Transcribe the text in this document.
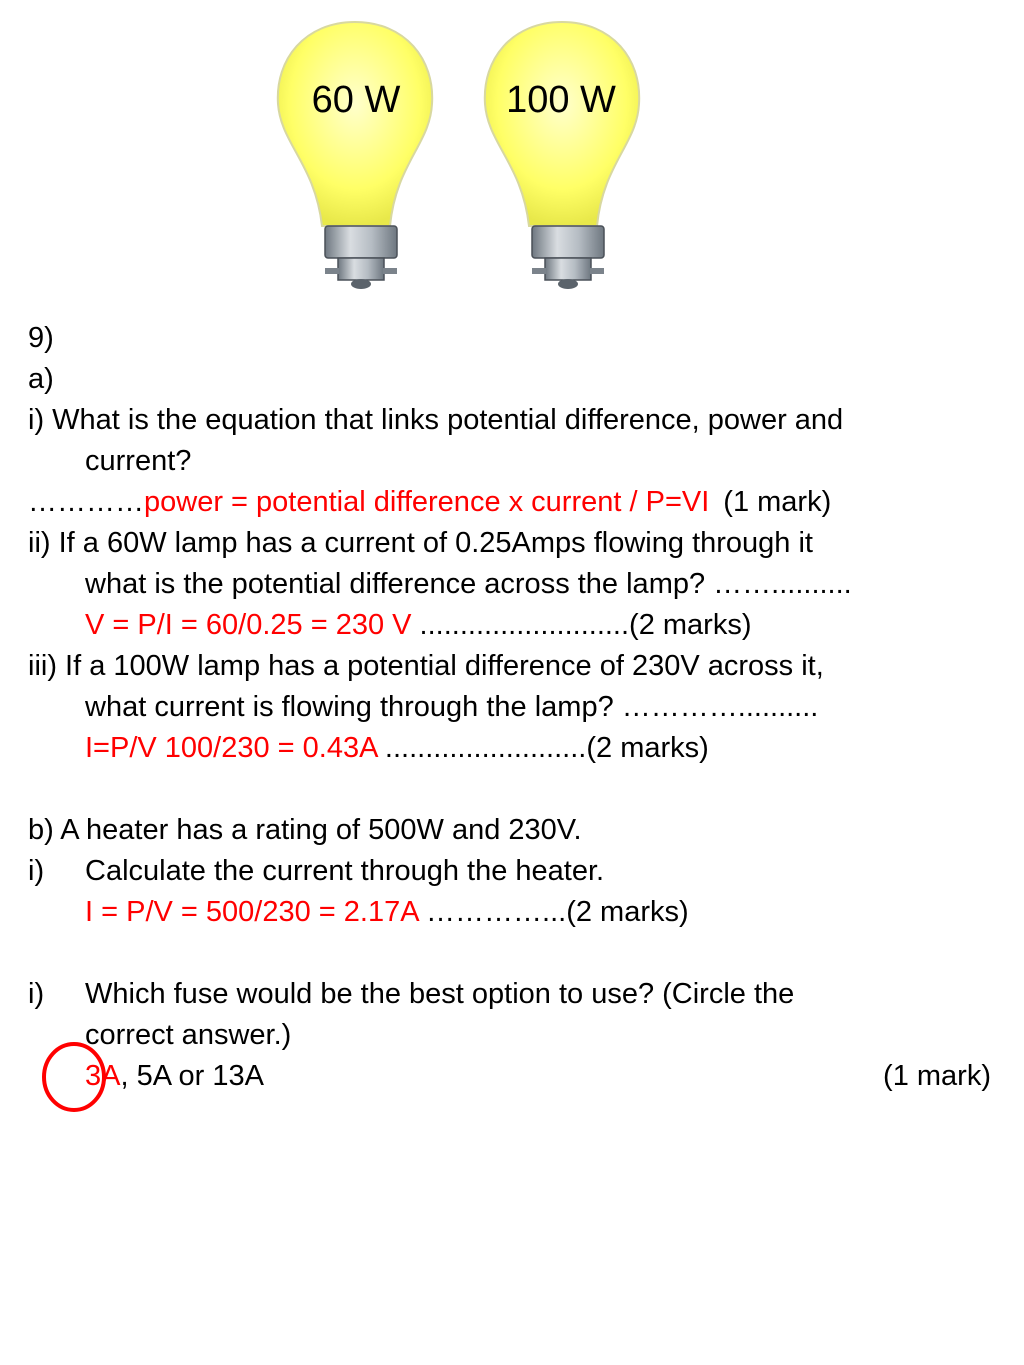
60 W	100 W
9)
a)
i) What is the equation that links potential difference, power and
current?
…………power = potential difference x current / P=VI (1 mark)
ii) If a 60W lamp has a current of 0.25Amps flowing through it
what is the potential difference across the lamp? ……..........
V = P/I = 60/0.25 = 230 V ..........................(2 marks)
iii) If a 100W lamp has a potential difference of 230V across it,
what current is flowing through the lamp? …………..........
I=P/V 100/230 = 0.43A .........................(2 marks)
b) A heater has a rating of 500W and 230V.
i) Calculate the current through the heater.
I = P/V = 500/230 = 2.17A …………...(2 marks)
i) Which fuse would be the best option to use? (Circle the
correct answer.)
3A, 5A or 13A	(1 mark)
